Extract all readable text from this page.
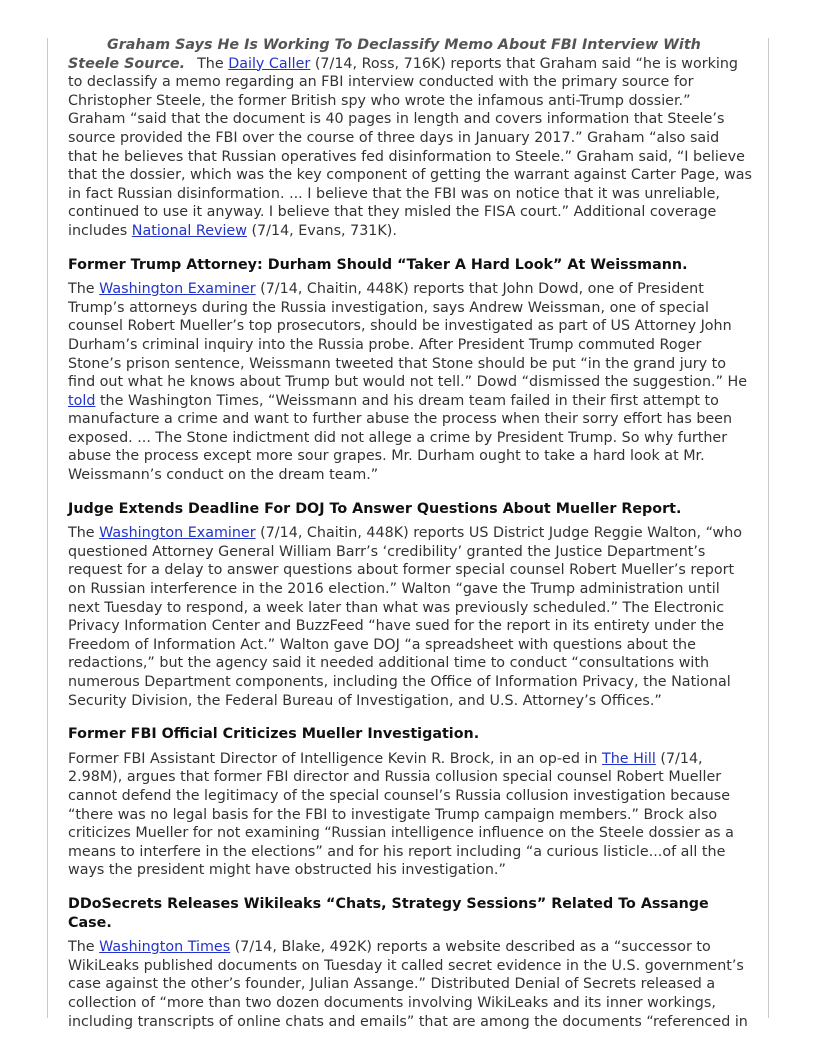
Graham Says He Is Working To Declassify Memo About FBI Interview With Steele Source. The Daily Caller (7/14, Ross, 716K) reports that Graham said “he is working to declassify a memo regarding an FBI interview conducted with the primary source for Christopher Steele, the former British spy who wrote the infamous anti-Trump dossier.” Graham “said that the document is 40 pages in length and covers information that Steele’s source provided the FBI over the course of three days in January 2017.” Graham “also said that he believes that Russian operatives fed disinformation to Steele.” Graham said, “I believe that the dossier, which was the key component of getting the warrant against Carter Page, was in fact Russian disinformation. ... I believe that the FBI was on notice that it was unreliable, continued to use it anyway. I believe that they misled the FISA court.” Additional coverage includes National Review (7/14, Evans, 731K).

Former Trump Attorney: Durham Should “Taker A Hard Look” At Weissmann.

The Washington Examiner (7/14, Chaitin, 448K) reports that John Dowd, one of President Trump’s attorneys during the Russia investigation, says Andrew Weissman, one of special counsel Robert Mueller’s top prosecutors, should be investigated as part of US Attorney John Durham’s criminal inquiry into the Russia probe. After President Trump commuted Roger Stone’s prison sentence, Weissmann tweeted that Stone should be put “in the grand jury to find out what he knows about Trump but would not tell.” Dowd “dismissed the suggestion.” He told the Washington Times, “Weissmann and his dream team failed in their first attempt to manufacture a crime and want to further abuse the process when their sorry effort has been exposed. ... The Stone indictment did not allege a crime by President Trump. So why further abuse the process except more sour grapes. Mr. Durham ought to take a hard look at Mr. Weissmann’s conduct on the dream team.”

Judge Extends Deadline For DOJ To Answer Questions About Mueller Report.

The Washington Examiner (7/14, Chaitin, 448K) reports US District Judge Reggie Walton, “who questioned Attorney General William Barr’s ‘credibility’ granted the Justice Department’s request for a delay to answer questions about former special counsel Robert Mueller’s report on Russian interference in the 2016 election.” Walton “gave the Trump administration until next Tuesday to respond, a week later than what was previously scheduled.” The Electronic Privacy Information Center and BuzzFeed “have sued for the report in its entirety under the Freedom of Information Act.” Walton gave DOJ “a spreadsheet with questions about the redactions,” but the agency said it needed additional time to conduct “consultations with numerous Department components, including the Office of Information Privacy, the National Security Division, the Federal Bureau of Investigation, and U.S. Attorney’s Offices.”

Former FBI Official Criticizes Mueller Investigation.

Former FBI Assistant Director of Intelligence Kevin R. Brock, in an op-ed in The Hill (7/14, 2.98M), argues that former FBI director and Russia collusion special counsel Robert Mueller cannot defend the legitimacy of the special counsel’s Russia collusion investigation because “there was no legal basis for the FBI to investigate Trump campaign members.” Brock also criticizes Mueller for not examining “Russian intelligence influence on the Steele dossier as a means to interfere in the elections” and for his report including “a curious listicle...of all the ways the president might have obstructed his investigation.”

DDoSecrets Releases Wikileaks “Chats, Strategy Sessions” Related To Assange Case.

The Washington Times (7/14, Blake, 492K) reports a website described as a “successor to WikiLeaks published documents on Tuesday it called secret evidence in the U.S. government’s case against the other’s founder, Julian Assange.” Distributed Denial of Secrets released a collection of “more than two dozen documents involving WikiLeaks and its inner workings, including transcripts of online chats and emails” that are among the documents “referenced in
